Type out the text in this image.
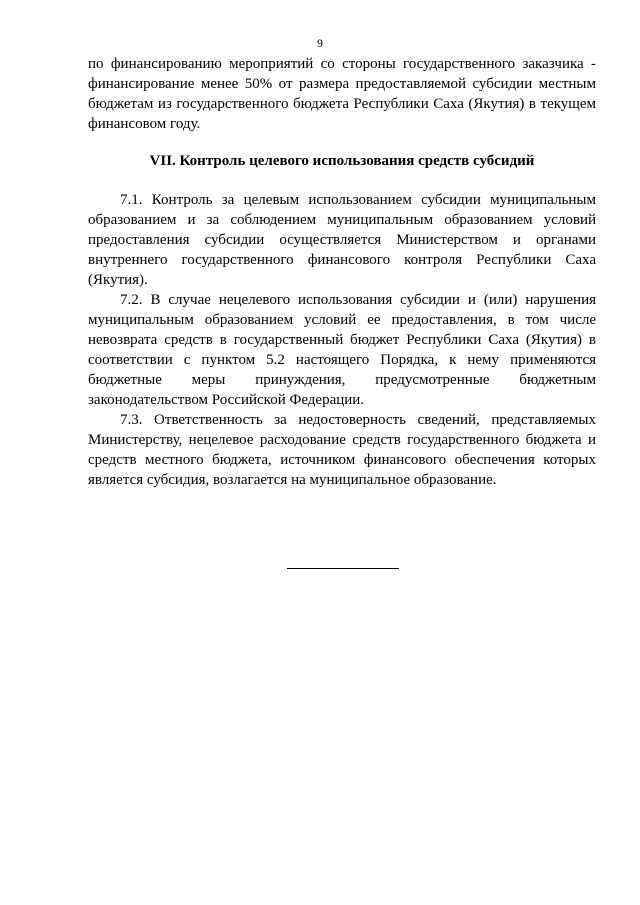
9

по финансированию мероприятий со стороны государственного заказчика - финансирование менее 50% от размера предоставляемой субсидии местным бюджетам из государственного бюджета Республики Саха (Якутия) в текущем финансовом году.

VII. Контроль целевого использования средств субсидий

7.1. Контроль за целевым использованием субсидии муниципальным образованием и за соблюдением муниципальным образованием условий предоставления субсидии осуществляется Министерством и органами внутреннего государственного финансового контроля Республики Саха (Якутия).

7.2. В случае нецелевого использования субсидии и (или) нарушения муниципальным образованием условий ее предоставления, в том числе невозврата средств в государственный бюджет Республики Саха (Якутия) в соответствии с пунктом 5.2 настоящего Порядка, к нему применяются бюджетные меры принуждения, предусмотренные бюджетным законодательством Российской Федерации.

7.3. Ответственность за недостоверность сведений, представляемых Министерству, нецелевое расходование средств государственного бюджета и средств местного бюджета, источником финансового обеспечения которых является субсидия, возлагается на муниципальное образование.
